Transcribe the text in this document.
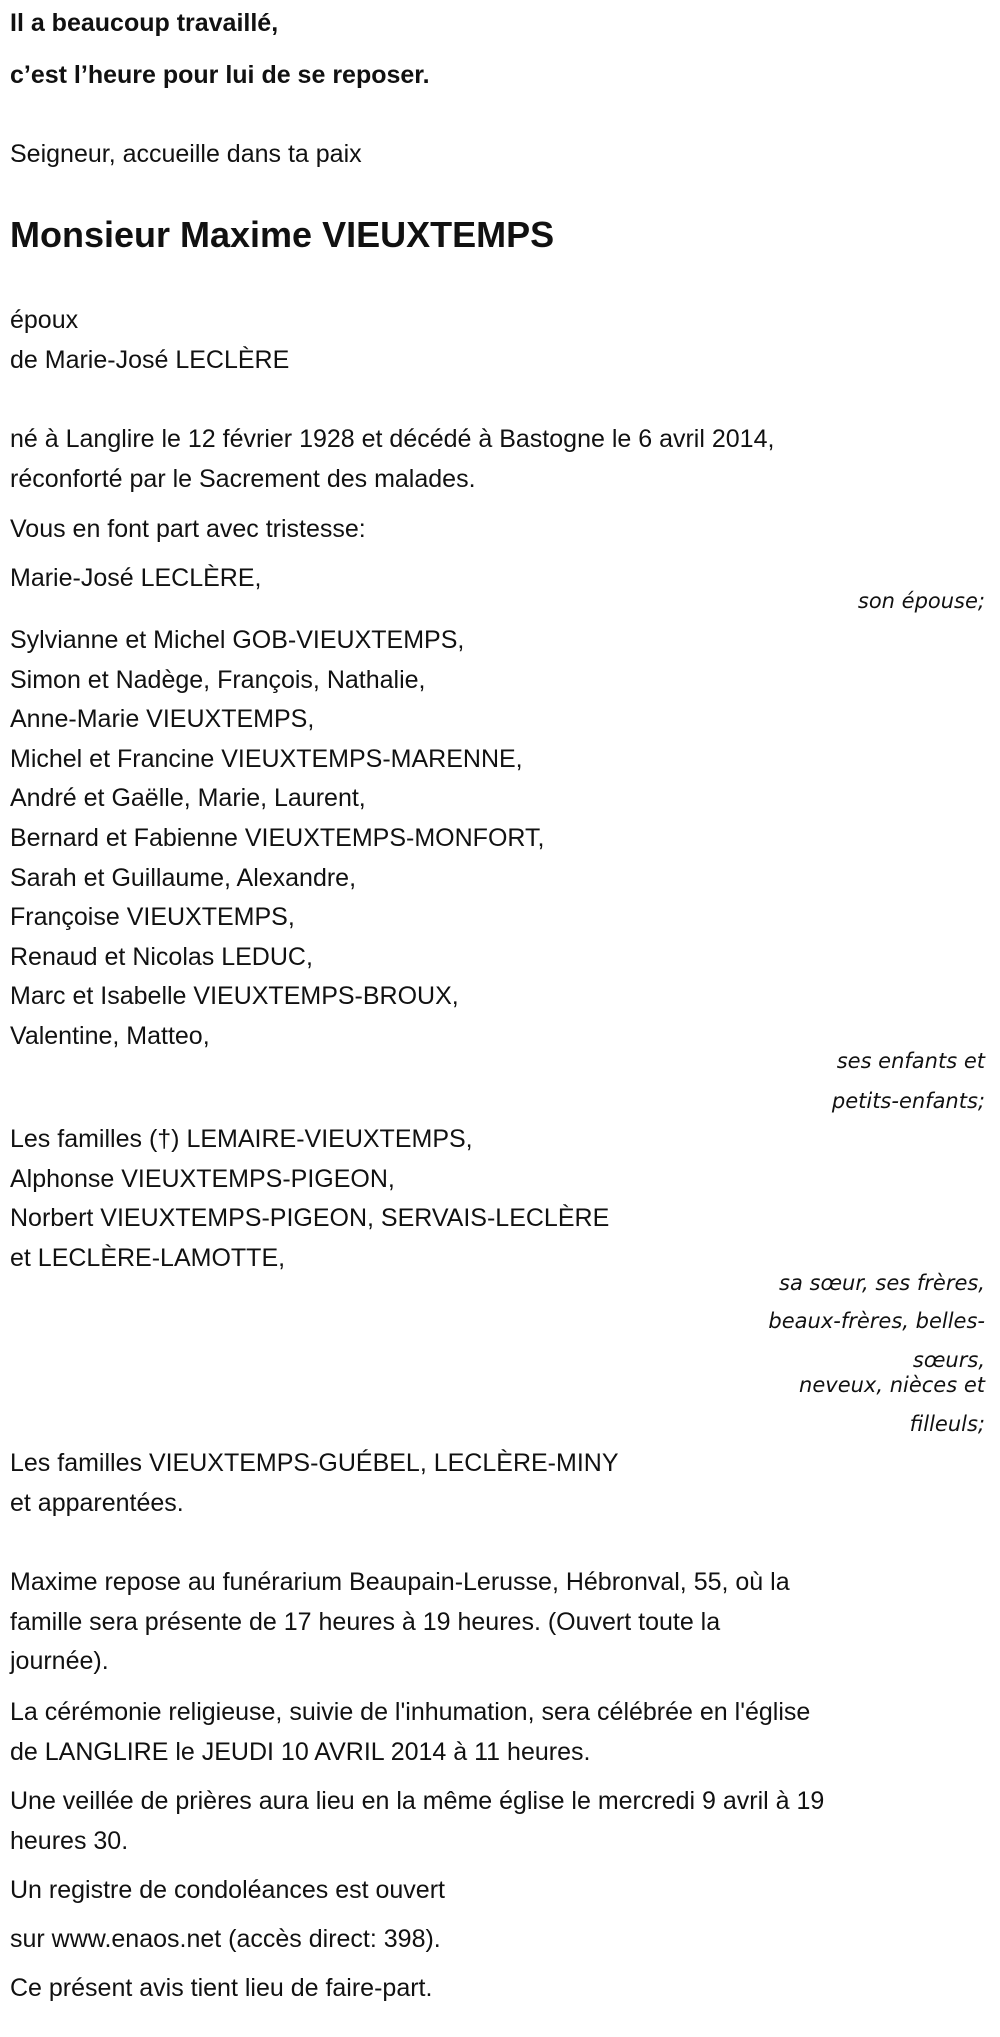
Il a beaucoup travaillé,
c’est l’heure pour lui de se reposer.
Seigneur, accueille dans ta paix
Monsieur Maxime VIEUXTEMPS
époux
de Marie-José LECLÈRE
né à Langlire le 12 février 1928 et décédé à Bastogne le 6 avril 2014,
réconforté par le Sacrement des malades.
Vous en font part avec tristesse:
Marie-José LECLÈRE,
son épouse;
Sylvianne et Michel GOB-VIEUXTEMPS,
Simon et Nadège, François, Nathalie,
Anne-Marie VIEUXTEMPS,
Michel et Francine VIEUXTEMPS-MARENNE,
André et Gaëlle, Marie, Laurent,
Bernard et Fabienne VIEUXTEMPS-MONFORT,
Sarah et Guillaume, Alexandre,
Françoise VIEUXTEMPS,
Renaud et Nicolas LEDUC,
Marc et Isabelle VIEUXTEMPS-BROUX,
Valentine, Matteo,
ses enfants et
petits-enfants;
Les familles (†) LEMAIRE-VIEUXTEMPS,
Alphonse VIEUXTEMPS-PIGEON,
Norbert VIEUXTEMPS-PIGEON, SERVAIS-LECLÈRE
et LECLÈRE-LAMOTTE,
sa sœur, ses frères,
beaux-frères, belles-
sœurs,
neveux, nièces et
filleuls;
Les familles VIEUXTEMPS-GUÉBEL, LECLÈRE-MINY
et apparentées.
Maxime repose au funérarium Beaupain-Lerusse, Hébronval, 55, où la
famille sera présente de 17 heures à 19 heures. (Ouvert toute la
journée).
La cérémonie religieuse, suivie de l'inhumation, sera célébrée en l'église
de LANGLIRE le JEUDI 10 AVRIL 2014 à 11 heures.
Une veillée de prières aura lieu en la même église le mercredi 9 avril à 19
heures 30.
Un registre de condoléances est ouvert
sur www.enaos.net (accès direct: 398).
Ce présent avis tient lieu de faire-part.
